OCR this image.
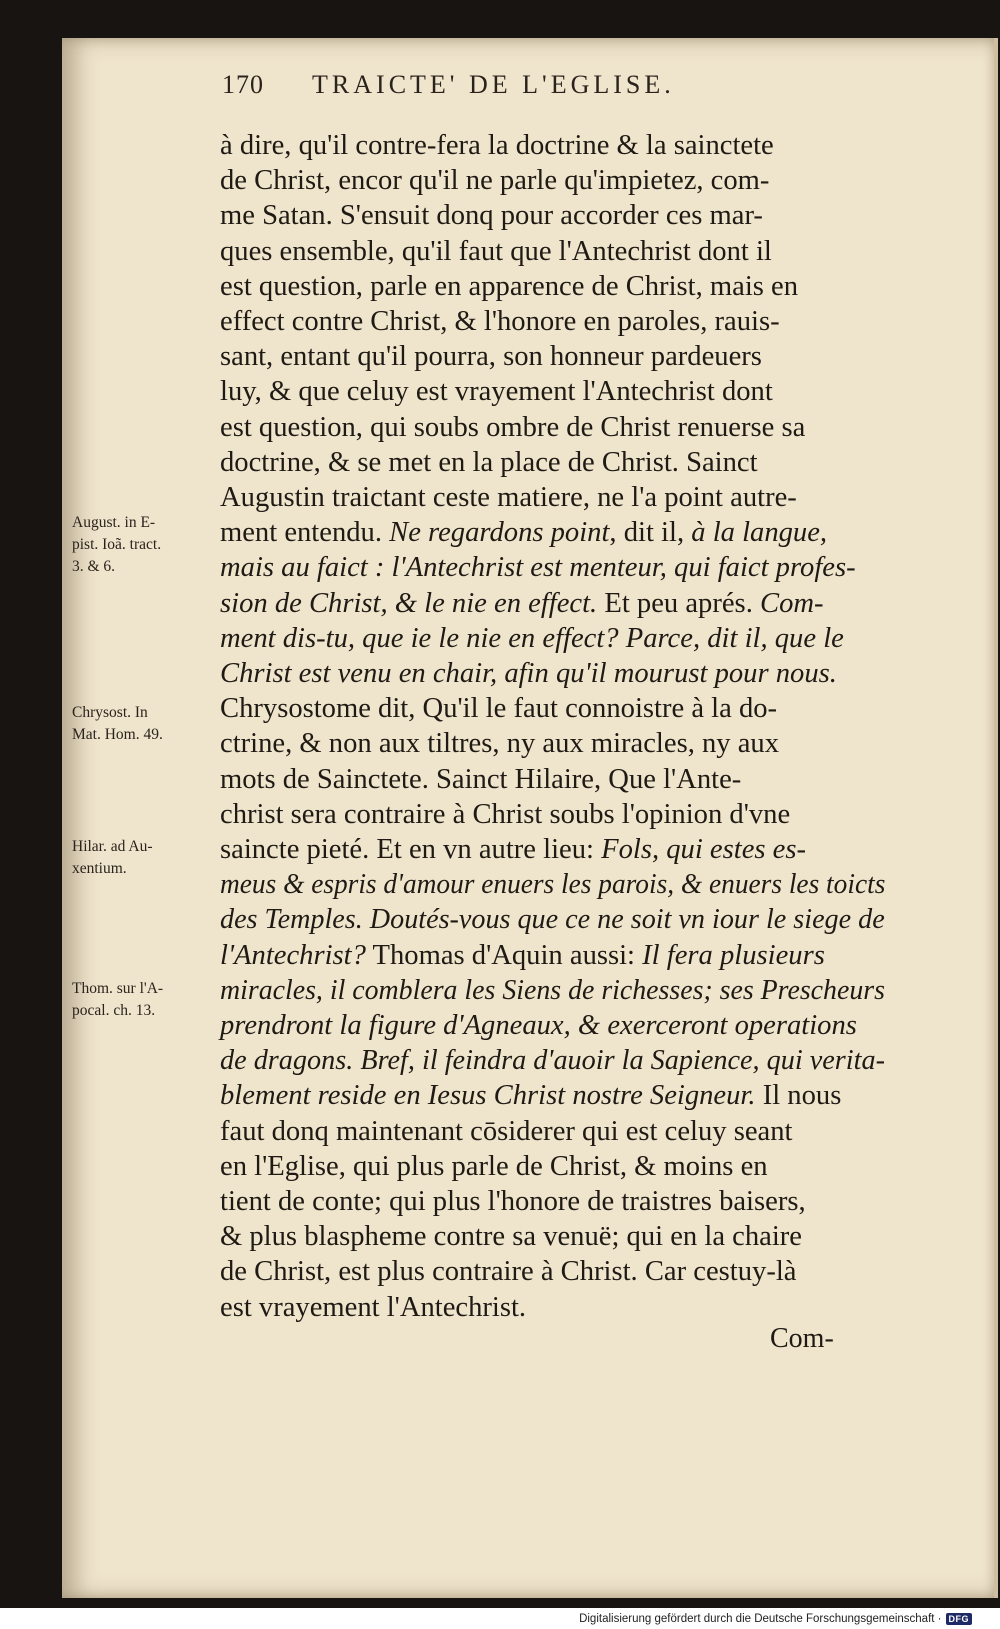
170 TRAICTE' DE L'EGLISE.
à dire, qu'il contre-fera la doctrine & la sainctete
de Christ, encor qu'il ne parle qu'impietez, com-
me Satan. S'ensuit donq pour accorder ces mar-
ques ensemble, qu'il faut que l'Antechrist dont il
est question, parle en apparence de Christ, mais en
effect contre Christ, & l'honore en paroles, rauis-
sant, entant qu'il pourra, son honneur pardeuers
luy, & que celuy est vrayement l'Antechrist dont
est question, qui soubs ombre de Christ renuerse sa
doctrine, & se met en la place de Christ. Sainct
Augustin traictant ceste matiere, ne l'a point autre-
ment entendu. Ne regardons point, dit il, à la langue,
mais au faict : l'Antechrist est menteur, qui faict profes-
sion de Christ, & le nie en effect. Et peu aprés. Com-
ment dis-tu, que ie le nie en effect? Parce, dit il, que le
Christ est venu en chair, afin qu'il mourust pour nous.
Chrysostome dit, Qu'il le faut connoistre à la do-
ctrine, & non aux tiltres, ny aux miracles, ny aux
mots de Sainctete. Sainct Hilaire, Que l'Ante-
christ sera contraire à Christ soubs l'opinion d'vne
saincte pieté. Et en vn autre lieu: Fols, qui estes es-
meus & espris d'amour enuers les parois, & enuers les toicts
des Temples. Doutés-vous que ce ne soit vn iour le siege de
l'Antechrist? Thomas d'Aquin aussi: Il fera plusieurs
miracles, il comblera les Siens de richesses; ses Prescheurs
prendront la figure d'Agneaux, & exerceront operations
de dragons. Bref, il feindra d'auoir la Sapience, qui verita-
blement reside en Iesus Christ nostre Seigneur. Il nous
faut donq maintenant cōsiderer qui est celuy seant
en l'Eglise, qui plus parle de Christ, & moins en
tient de conte; qui plus l'honore de traistres baisers,
& plus blaspheme contre sa venuë; qui en la chaire
de Christ, est plus contraire à Christ. Car cestuy-là
est vrayement l'Antechrist.
August. in E-
pist. Ioã. tract.
3. & 6.
Chrysost. In
Mat. Hom. 49.
Hilar. ad Au-
xentium.
Thom. sur l'A-
pocal. ch. 13.
Com-
Digitalisierung gefördert durch die Deutsche Forschungsgemeinschaft · DFG
